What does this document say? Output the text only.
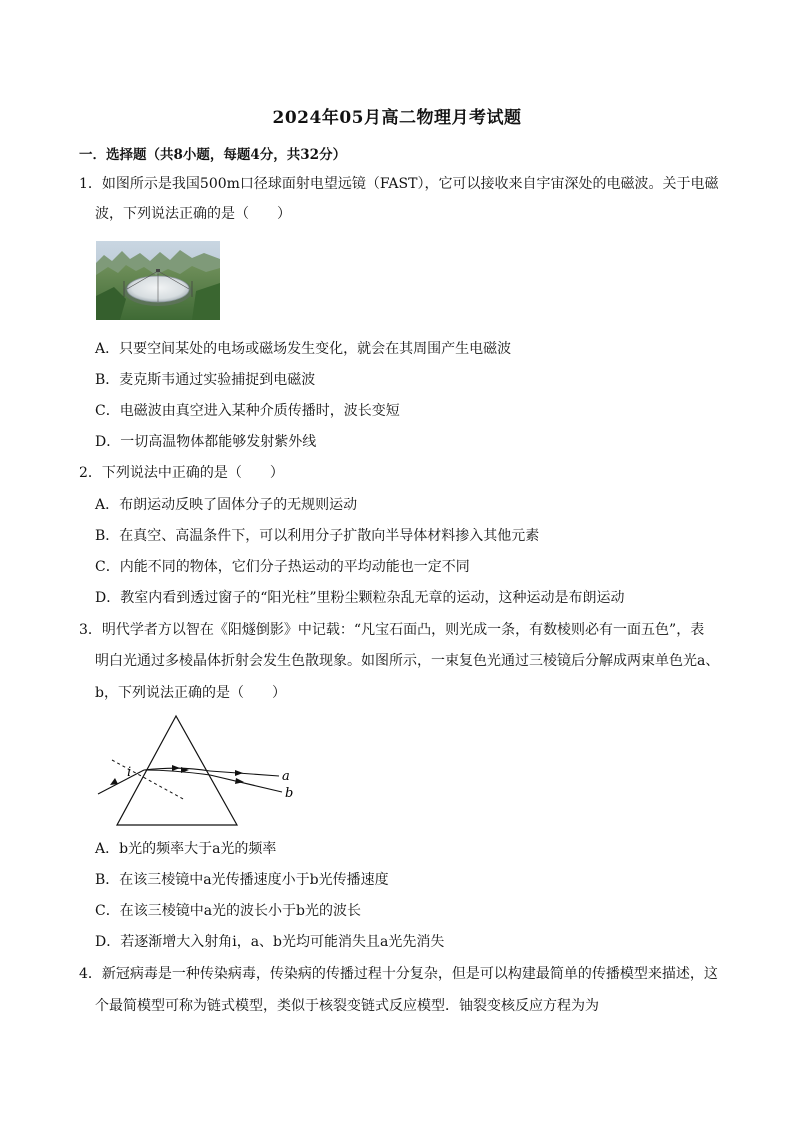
2024年05月高二物理月考试题
一．选择题（共8小题，每题4分，共32分）
1．如图所示是我国500m口径球面射电望远镜（FAST），它可以接收来自宇宙深处的电磁波。关于电磁
波，下列说法正确的是（　　）
A．只要空间某处的电场或磁场发生变化，就会在其周围产生电磁波
B．麦克斯韦通过实验捕捉到电磁波
C．电磁波由真空进入某种介质传播时，波长变短
D．一切高温物体都能够发射紫外线
2．下列说法中正确的是（　　）
A．布朗运动反映了固体分子的无规则运动
B．在真空、高温条件下，可以利用分子扩散向半导体材料掺入其他元素
C．内能不同的物体，它们分子热运动的平均动能也一定不同
D．教室内看到透过窗子的“阳光柱”里粉尘颗粒杂乱无章的运动，这种运动是布朗运动
3．明代学者方以智在《阳燧倒影》中记载：“凡宝石面凸，则光成一条，有数棱则必有一面五色”，表
明白光通过多棱晶体折射会发生色散现象。如图所示，一束复色光通过三棱镜后分解成两束单色光a、
b，下列说法正确的是（　　）
i	a
b
A．b光的频率大于a光的频率
B．在该三棱镜中a光传播速度小于b光传播速度
C．在该三棱镜中a光的波长小于b光的波长
D．若逐渐增大入射角i，a、b光均可能消失且a光先消失
4．新冠病毒是一种传染病毒，传染病的传播过程十分复杂，但是可以构建最简单的传播模型来描述，这
个最简模型可称为链式模型，类似于核裂变链式反应模型．铀裂变核反应方程为为
